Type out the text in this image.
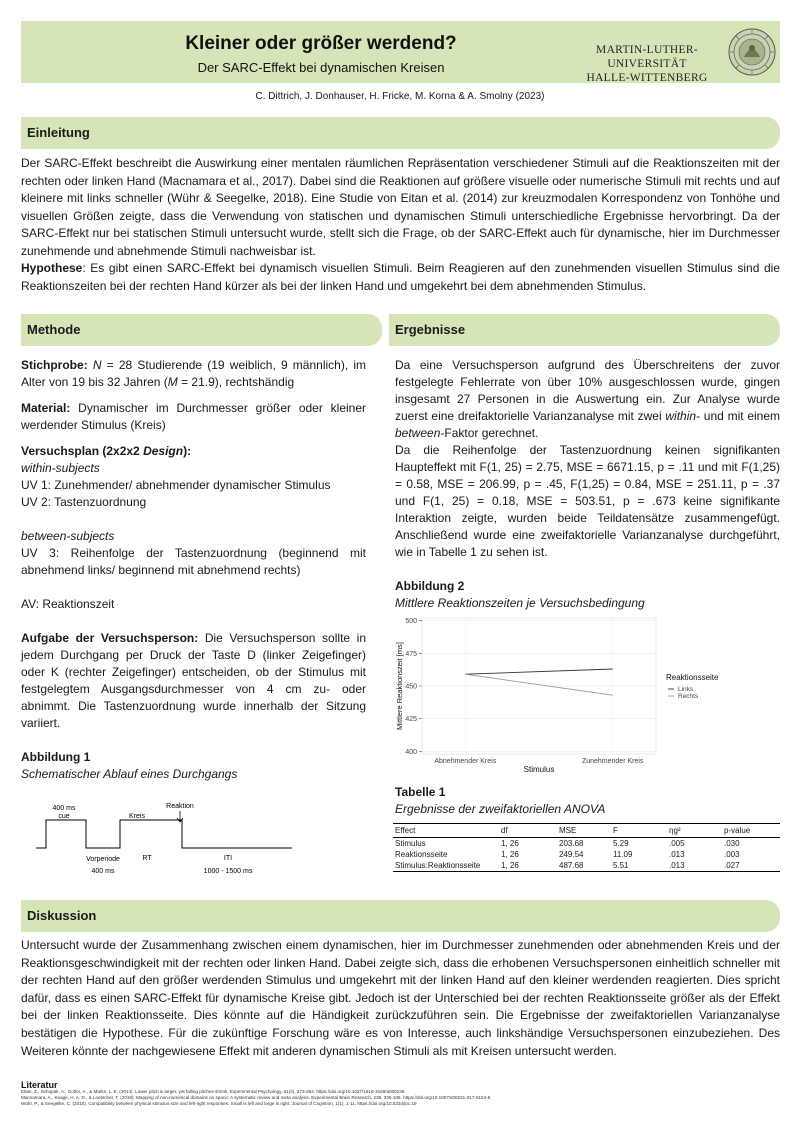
Kleiner oder größer werdend?
Der SARC-Effekt bei dynamischen Kreisen
MARTIN-LUTHER-UNIVERSITÄT
HALLE-WITTENBERG
C. Dittrich, J. Donhauser, H. Fricke, M. Korna & A. Smolny (2023)
Einleitung
Der SARC-Effekt beschreibt die Auswirkung einer mentalen räumlichen Repräsentation verschiedener Stimuli auf die Reaktionszeiten mit der rechten oder linken Hand (Macnamara et al., 2017). Dabei sind die Reaktionen auf größere visuelle oder numerische Stimuli mit rechts und auf kleinere mit links schneller (Wühr & Seegelke, 2018). Eine Studie von Eitan et al. (2014) zur kreuzmodalen Korrespondenz von Tonhöhe und visuellen Größen zeigte, dass die Verwendung von statischen und dynamischen Stimuli unterschiedliche Ergebnisse hervorbringt. Da der SARC-Effekt nur bei statischen Stimuli untersucht wurde, stellt sich die Frage, ob der SARC-Effekt auch für dynamische, hier im Durchmesser zunehmende und abnehmende Stimuli nachweisbar ist.
Hypothese: Es gibt einen SARC-Effekt bei dynamisch visuellen Stimuli. Beim Reagieren auf den zunehmenden visuellen Stimulus sind die Reaktionszeiten bei der rechten Hand kürzer als bei der linken Hand und umgekehrt bei dem abnehmenden Stimulus.
Methode
Stichprobe: N = 28 Studierende (19 weiblich, 9 männlich), im Alter von 19 bis 32 Jahren (M = 21.9), rechtshändig
Material: Dynamischer im Durchmesser größer oder kleiner werdender Stimulus (Kreis)
Versuchsplan (2x2x2 Design):
within-subjects
UV 1: Zunehmender/ abnehmender dynamischer Stimulus
UV 2: Tastenzuordnung
between-subjects
UV 3: Reihenfolge der Tastenzuordnung (beginnend mit abnehmend links/ beginnend mit abnehmend rechts)
AV: Reaktionszeit
Aufgabe der Versuchsperson: Die Versuchsperson sollte in jedem Durchgang per Druck der Taste D (linker Zeigefinger) oder K (rechter Zeigefinger) entscheiden, ob der Stimulus mit festgelegtem Ausgangsdurchmesser von 4 cm zu- oder abnimmt. Die Tastenzuordnung wurde innerhalb der Sitzung variiert.
Abbildung 1
Schematischer Ablauf eines Durchgangs
400 ms
cue	Kreis
Reaktion
Vorperiode
400 ms
RT	ITI
1000 - 1500 ms
Ergebnisse
Da eine Versuchsperson aufgrund des Überschreitens der zuvor festgelegte Fehlerrate von über 10% ausgeschlossen wurde, gingen insgesamt 27 Personen in die Auswertung ein. Zur Analyse wurde zuerst eine dreifaktorielle Varianzanalyse mit zwei within- und mit einem between-Faktor gerechnet.
Da die Reihenfolge der Tastenzuordnung keinen signifikanten Haupteffekt mit F(1, 25) = 2.75, MSE = 6671.15, p = .11 und mit F(1,25) = 0.58, MSE = 206.99, p = .45, F(1,25) = 0.84, MSE = 251.11, p = .37 und F(1, 25) = 0.18, MSE = 503.51, p = .673 keine signifikante Interaktion zeigte, wurden beide Teildatensätze zusammengefügt. Anschließend wurde eine zweifaktorielle Varianzanalyse durchgeführt, wie in Tabelle 1 zu sehen ist.
Abbildung 2
Mittlere Reaktionszeiten je Versuchsbedingung
400
425
450
475
500
Abnehmender Kreis	Zunehmender Kreis
Stimulus
Mittlere Reaktionszeit [ms]	Reaktionsseite
Links
Rechts
Tabelle 1
Ergebnisse der zweifaktoriellen ANOVA
Effect	df	MSE	F	ηg²	p-value
Stimulus	1, 26	203.68	5.29	.005	.030
Reaktionsseite	1, 26	249.54	11.09	.013	.003
Stimulus:Reaktionsseite	1, 26	487.68	5.51	.013	.027
Diskussion
Untersucht wurde der Zusammenhang zwischen einem dynamischen, hier im Durchmesser zunehmenden oder abnehmenden Kreis und der Reaktionsgeschwindigkeit mit der rechten oder linken Hand. Dabei zeigte sich, dass die erhobenen Versuchspersonen einheitlich schneller mit der rechten Hand auf den größer werdenden Stimulus und umgekehrt mit der linken Hand auf den kleiner werdenden reagierten. Dies spricht dafür, dass es einen SARC-Effekt für dynamische Kreise gibt. Jedoch ist der Unterschied bei der rechten Reaktionsseite größer als der Effekt bei der linken Reaktionsseite. Dies könnte auf die Händigkeit zurückzuführen sein. Die Ergebnisse der zweifaktoriellen Varianzanalyse bestätigen die Hypothese. Für die zukünftige Forschung wäre es von Interesse, auch linkshändige Versuchspersonen einzubeziehen. Des Weiteren könnte der nachgewiesene Effekt mit anderen dynamischen Stimuli als mit Kreisen untersucht werden.
Literatur
Eitan, Z., Schupak, A., Gotler, A., & Marks, L. E. (2014). Lower pitch is larger, yet falling pitches shrink. Experimental Psychology, 61(4), 273-284. https://doi.org/10.1027/1618-3169/a000246
Macnamara, A., Keage, H. A. D., & Loetscher, T. (2018). Mapping of non-numerical domains on space: A systematic review and meta analysis. Experimental Brain Research, 236, 335-346. https://doi.org/10.1007/s00221-017-5154-6
Wühr, P., & Seegelke, C. (2018). Compatibility between physical stimulus size and left-right responses: Small is left and large is right. Journal of Cognition, 1(1), 1-11. https://doi.org/10.5334/joc.19
